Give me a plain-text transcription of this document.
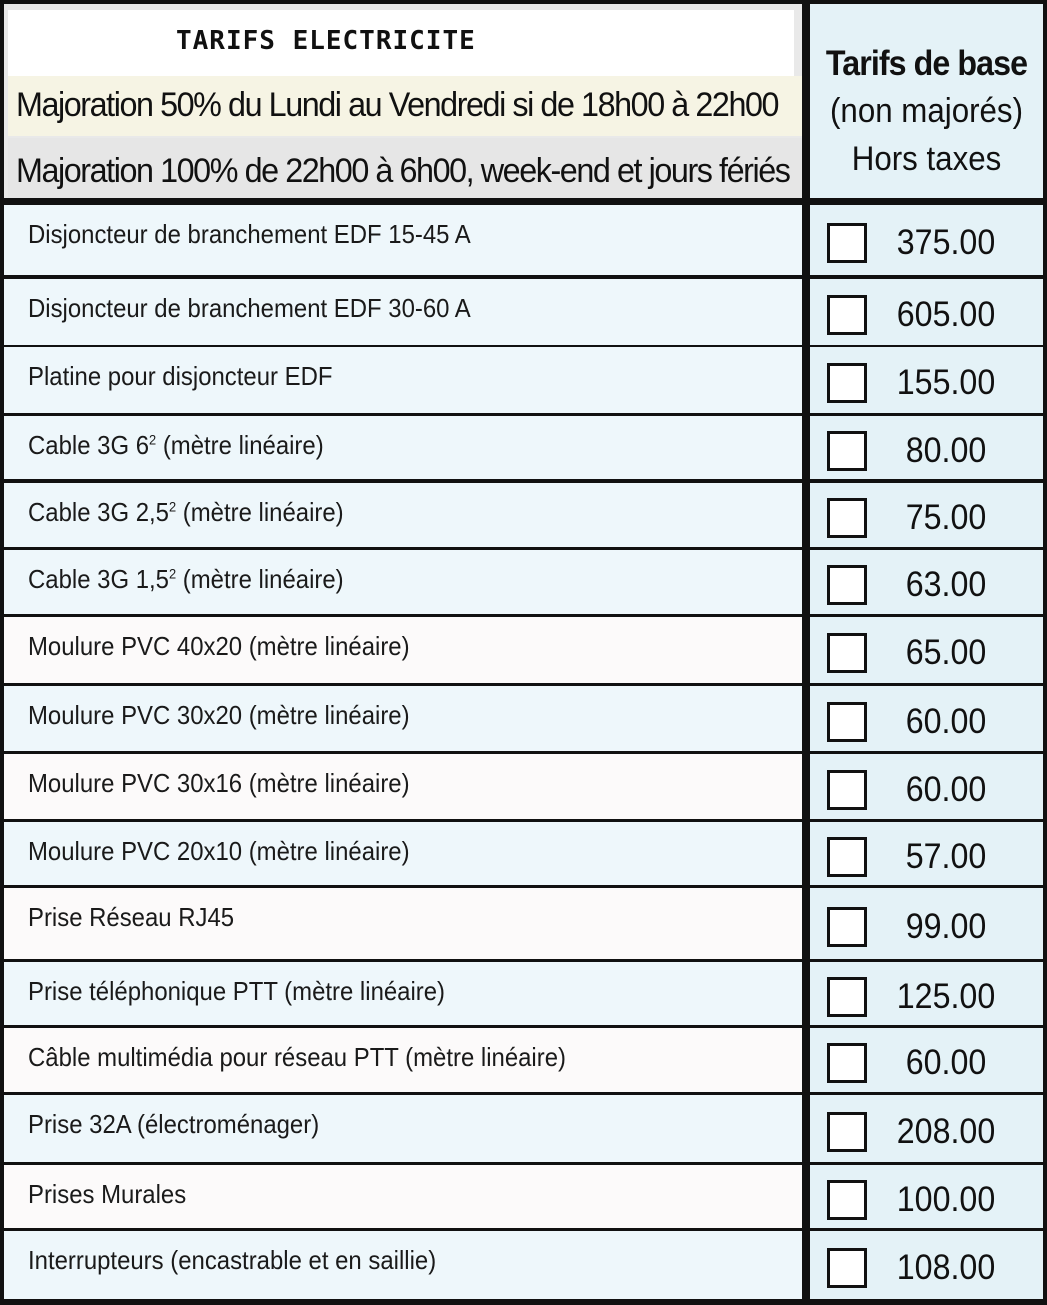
TARIFS ELECTRICITE
Majoration 50% du Lundi au Vendredi si de 18h00 à 22h00
Majoration 100% de 22h00 à 6h00, week-end et jours fériés
Tarifs de base
(non majorés)
Hors taxes
Disjoncteur de branchement EDF 15-45 A	375.00
Disjoncteur de branchement EDF 30-60 A	605.00
Platine pour disjoncteur EDF	155.00
Cable 3G $6^2$ (mètre linéaire)	80.00
Cable 3G $2,5^2$ (mètre linéaire)	75.00
Cable 3G $1,5^2$ (mètre linéaire)	63.00
Moulure PVC 40x20 (mètre linéaire)	65.00
Moulure PVC 30x20 (mètre linéaire)	60.00
Moulure PVC 30x16 (mètre linéaire)	60.00
Moulure PVC 20x10 (mètre linéaire)	57.00
Prise Réseau RJ45	99.00
Prise téléphonique PTT (mètre linéaire)	125.00
Câble multimédia pour réseau PTT (mètre linéaire)	60.00
Prise 32A (électroménager)	208.00
Prises Murales	100.00
Interrupteurs (encastrable et en saillie)	108.00
